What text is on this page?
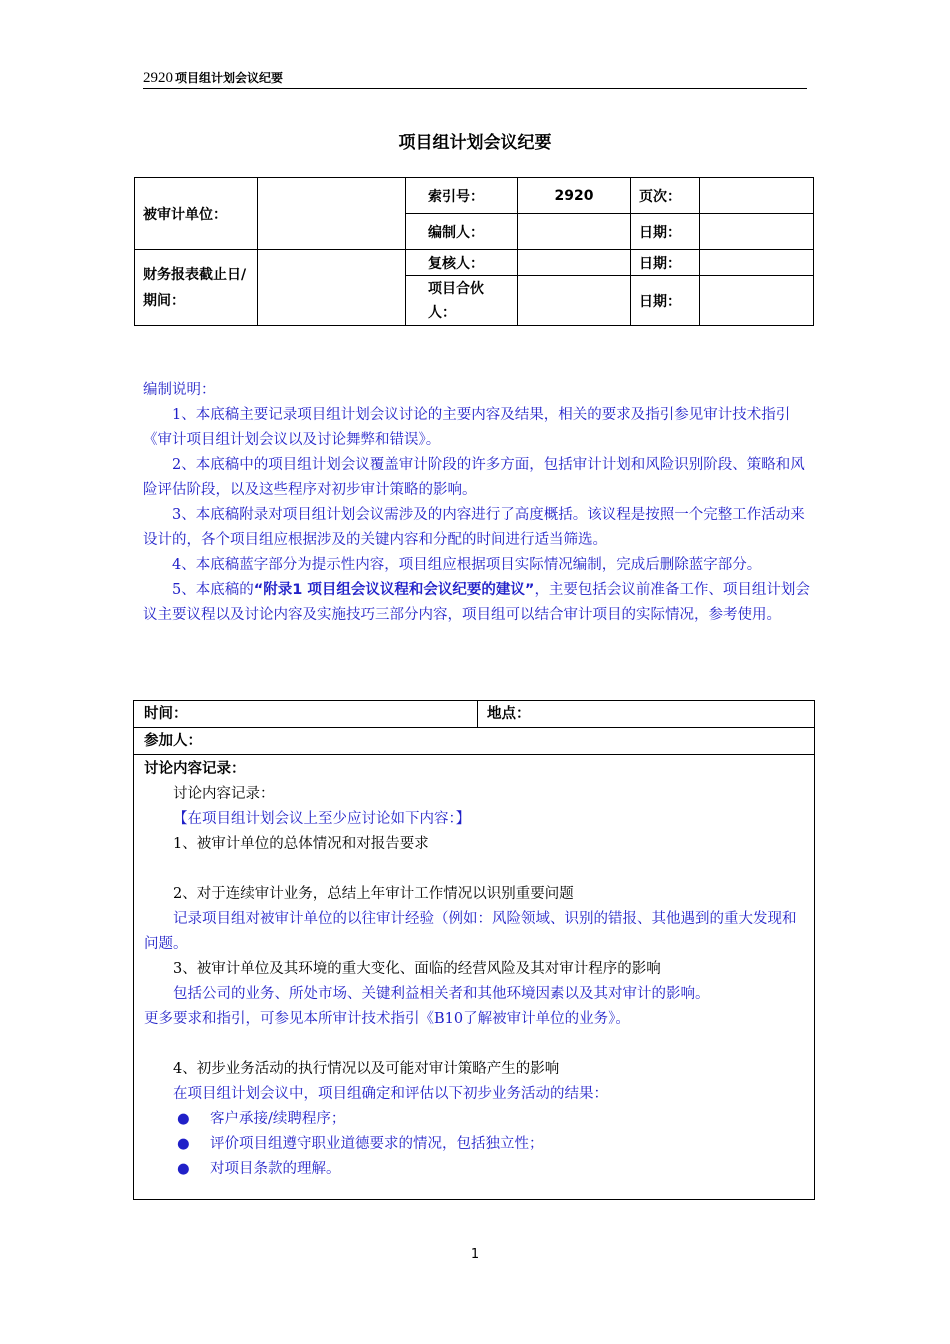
2920 项目组计划会议纪要
项目组计划会议纪要
被审计单位：		索引号：	2920	页次：	
		编制人：		日期：	
财务报表截止日/期间：		复核人：		日期：	
		项目合伙人：		日期：	

编制说明：

1、本底稿主要记录项目组计划会议讨论的主要内容及结果，相关的要求及指引参见审计技术指引《审计项目组计划会议以及讨论舞弊和错误》。

2、本底稿中的项目组计划会议覆盖审计阶段的许多方面，包括审计计划和风险识别阶段、策略和风险评估阶段，以及这些程序对初步审计策略的影响。

3、本底稿附录对项目组计划会议需涉及的内容进行了高度概括。该议程是按照一个完整工作活动来设计的，各个项目组应根据涉及的关键内容和分配的时间进行适当筛选。

4、本底稿蓝字部分为提示性内容，项目组应根据项目实际情况编制，完成后删除蓝字部分。

5、本底稿的“附录1 项目组会议议程和会议纪要的建议”，主要包括会议前准备工作、项目组计划会议主要议程以及讨论内容及实施技巧三部分内容，项目组可以结合审计项目的实际情况，参考使用。

时间：	地点：
参加人：

讨论内容记录：

讨论内容记录：

【在项目组计划会议上至少应讨论如下内容：】

1、被审计单位的总体情况和对报告要求

2、对于连续审计业务，总结上年审计工作情况以识别重要问题

记录项目组对被审计单位的以往审计经验（例如：风险领域、识别的错报、其他遇到的重大发现和问题。

3、被审计单位及其环境的重大变化、面临的经营风险及其对审计程序的影响

包括公司的业务、所处市场、关键利益相关者和其他环境因素以及其对审计的影响。

更多要求和指引，可参见本所审计技术指引《B10了解被审计单位的业务》。

4、初步业务活动的执行情况以及可能对审计策略产生的影响

在项目组计划会议中，项目组确定和评估以下初步业务活动的结果：

● 客户承接/续聘程序；

● 评价项目组遵守职业道德要求的情况，包括独立性；

● 对项目条款的理解。

1
